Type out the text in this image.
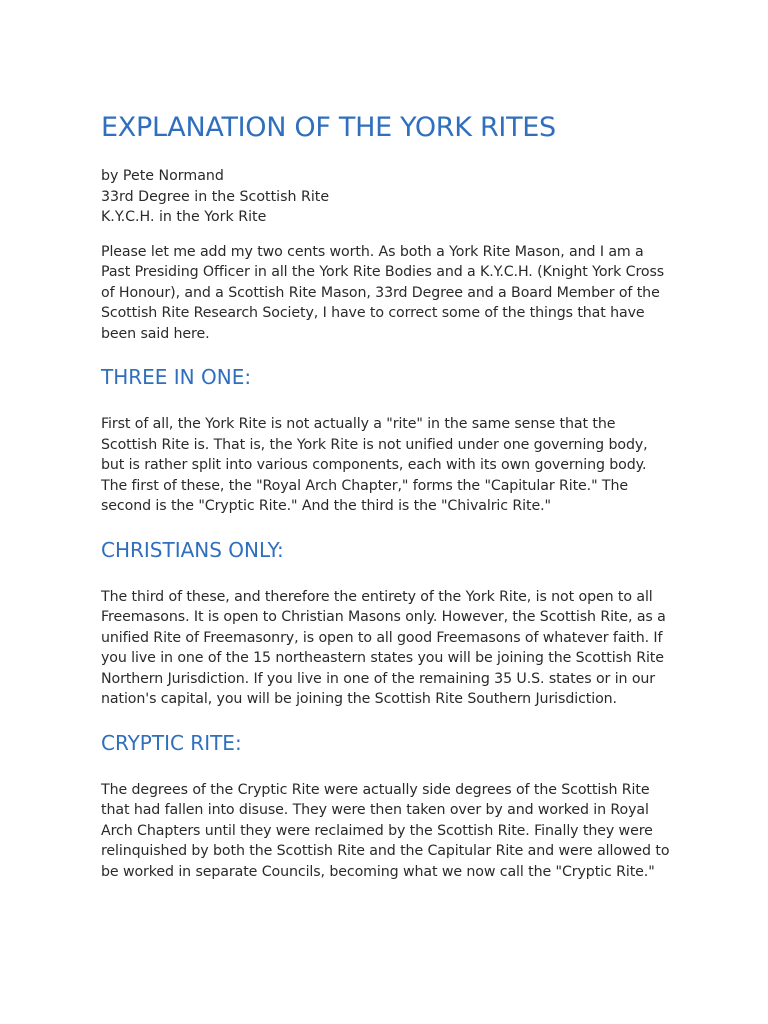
EXPLANATION OF THE YORK RITES
by Pete Normand
33rd Degree in the Scottish Rite
K.Y.C.H. in the York Rite

Please let me add my two cents worth. As both a York Rite Mason, and I am a Past Presiding Officer in all the York Rite Bodies and a K.Y.C.H. (Knight York Cross of Honour), and a Scottish Rite Mason, 33rd Degree and a Board Member of the Scottish Rite Research Society, I have to correct some of the things that have been said here.

THREE IN ONE:

First of all, the York Rite is not actually a "rite" in the same sense that the Scottish Rite is. That is, the York Rite is not unified under one governing body, but is rather split into various components, each with its own governing body. The first of these, the "Royal Arch Chapter," forms the "Capitular Rite." The second is the "Cryptic Rite." And the third is the "Chivalric Rite."

CHRISTIANS ONLY:

The third of these, and therefore the entirety of the York Rite, is not open to all Freemasons. It is open to Christian Masons only. However, the Scottish Rite, as a unified Rite of Freemasonry, is open to all good Freemasons of whatever faith. If you live in one of the 15 northeastern states you will be joining the Scottish Rite Northern Jurisdiction. If you live in one of the remaining 35 U.S. states or in our nation's capital, you will be joining the Scottish Rite Southern Jurisdiction.

CRYPTIC RITE:

The degrees of the Cryptic Rite were actually side degrees of the Scottish Rite that had fallen into disuse. They were then taken over by and worked in Royal Arch Chapters until they were reclaimed by the Scottish Rite. Finally they were relinquished by both the Scottish Rite and the Capitular Rite and were allowed to be worked in separate Councils, becoming what we now call the "Cryptic Rite."
